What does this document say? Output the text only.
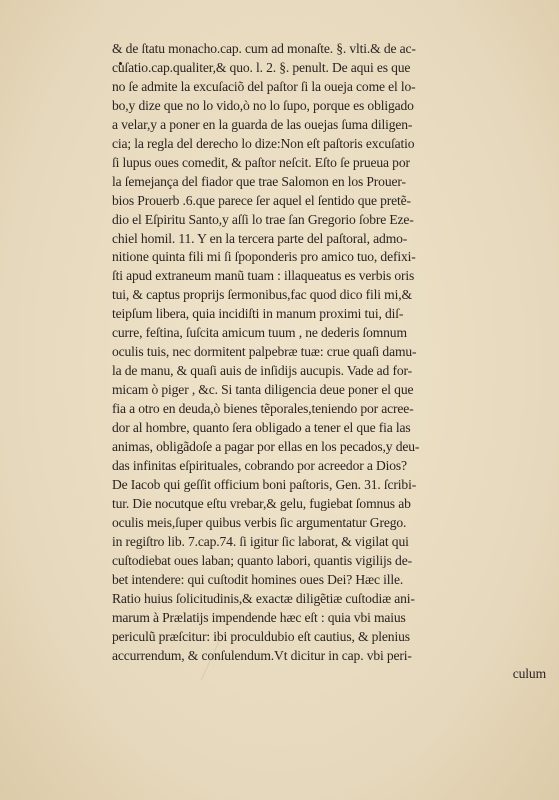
& de ſtatu monacho.cap. cum ad monaſte. §. vlti.& de ac-
cuſatio.cap.qualiter,& quo. l. 2. §. penult. De aqui es que
no ſe admite la excuſaciõ del paſtor ſi la oueja come el lo-
bo,y dize que no lo vido,ò no lo ſupo, porque es obligado
a velar,y a poner en la guarda de las ouejas ſuma diligen-
cia; la regla del derecho lo dize:Non eſt paſtoris excuſatio
ſi lupus oues comedit, & paſtor neſcit. Eſto ſe prueua por
la ſemejança del fiador que trae Salomon en los Prouer-
bios Prouerb .6.que parece ſer aquel el ſentido que pretẽ-
dio el Eſpiritu Santo,y aſſi lo trae ſan Gregorio ſobre Eze-
chiel homil. 11. Y en la tercera parte del paſtoral, admo-
nitione quinta fili mi ſi ſpoponderis pro amico tuo, defixi-
ſti apud extraneum manũ tuam : illaqueatus es verbis oris
tui, & captus proprijs ſermonibus,fac quod dico fili mi,&
teipſum libera, quia incidiſti in manum proximi tui, diſ-
curre, feſtina, ſuſcita amicum tuum , ne dederis ſomnum
oculis tuis, nec dormitent palpebræ tuæ: crue quaſi damu-
la de manu, & quaſi auis de inſidijs aucupis. Vade ad for-
micam ò piger , &c. Si tanta diligencia deue poner el que
fia a otro en deuda,ò bienes tẽporales,teniendo por acree-
dor al hombre, quanto ſera obligado a tener el que fia las
animas, obligãdoſe a pagar por ellas en los pecados,y deu-
das infinitas eſpirituales, cobrando por acreedor a Dios?
De Iacob qui geſſit officium boni paſtoris, Gen. 31. ſcribi-
tur. Die nocutque eſtu vrebar,& gelu, fugiebat ſomnus ab
oculis meis,ſuper quibus verbis ſic argumentatur Grego.
in regiſtro lib. 7.cap.74. ſi igitur ſic laborat, & vigilat qui
cuſtodiebat oues laban; quanto labori, quantis vigilijs de-
bet intendere: qui cuſtodit homines oues Dei? Hæc ille.
Ratio huius ſolicitudinis,& exactæ diligẽtiæ cuſtodiæ ani-
marum à Prælatijs impendende hæc eſt : quia vbi maius
periculũ præſcitur: ibi proculdubio eſt cautius, & plenius
accurrendum, & conſulendum.Vt dicitur in cap. vbi peri-
culum
